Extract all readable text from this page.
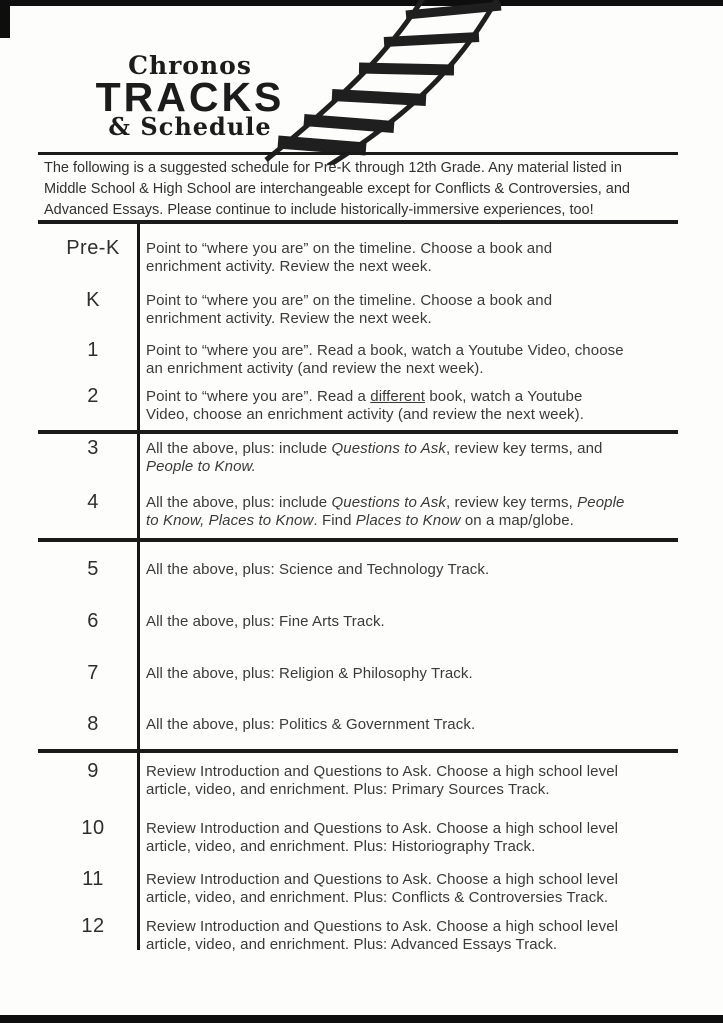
Chronos
TRACKS
& Schedule
The following is a suggested schedule for Pre-K through 12th Grade. Any material listed in
Middle School & High School are interchangeable except for Conflicts & Controversies, and
Advanced Essays. Please continue to include historically-immersive experiences, too!
Pre-K	Point to “where you are” on the timeline. Choose a book and
enrichment activity. Review the next week.
K	Point to “where you are” on the timeline. Choose a book and
enrichment activity. Review the next week.
1	Point to “where you are”. Read a book, watch a Youtube Video, choose
an enrichment activity (and review the next week).
2	Point to “where you are”. Read a different book, watch a Youtube
Video, choose an enrichment activity (and review the next week).
3	All the above, plus: include Questions to Ask, review key terms, and
People to Know.
4	All the above, plus: include Questions to Ask, review key terms, People
to Know, Places to Know. Find Places to Know on a map/globe.
5	All the above, plus: Science and Technology Track.
6	All the above, plus: Fine Arts Track.
7	All the above, plus: Religion & Philosophy Track.
8	All the above, plus: Politics & Government Track.
9	Review Introduction and Questions to Ask. Choose a high school level
article, video, and enrichment. Plus: Primary Sources Track.
10	Review Introduction and Questions to Ask. Choose a high school level
article, video, and enrichment. Plus: Historiography Track.
11	Review Introduction and Questions to Ask. Choose a high school level
article, video, and enrichment. Plus: Conflicts & Controversies Track.
12	Review Introduction and Questions to Ask. Choose a high school level
article, video, and enrichment. Plus: Advanced Essays Track.
